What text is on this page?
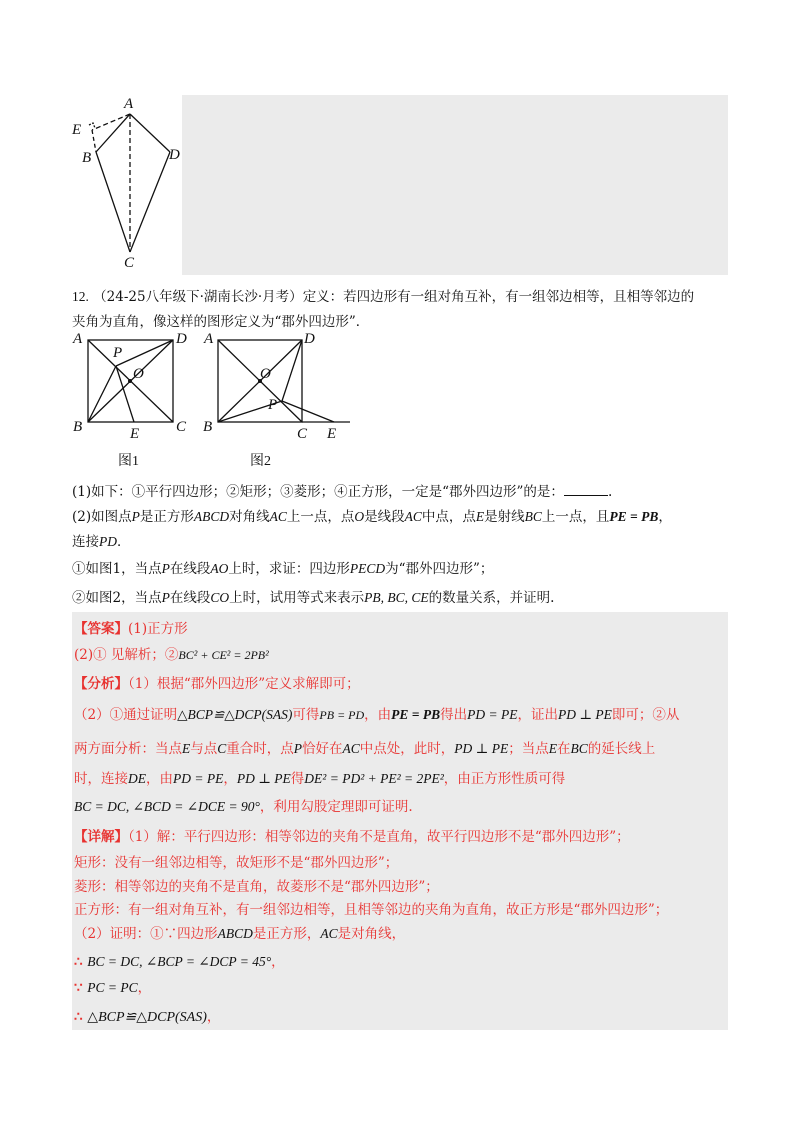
A
E
B	D
C
12. （24-25八年级下·湖南长沙·月考）定义：若四边形有一组对角互补，有一组邻边相等，且相等邻边的
夹角为直角，像这样的图形定义为“郡外四边形”．
A	D
P
O
B	E C
图1
A	D
O
P
B	C E
图2
(1)如下：①平行四边形；②矩形；③菱形；④正方形，一定是“郡外四边形”的是：	.
(2)如图点P是正方形ABCD对角线AC上一点，点O是线段AC中点，点E是射线BC上一点，且PE = PB，
连接PD．
①如图1，当点P在线段AO上时，求证：四边形PECD为“郡外四边形”；
②如图2，当点P在线段CO上时，试用等式来表示PB, BC, CE的数量关系，并证明.
【答案】(1)正方形
(2)① 见解析；②BC² + CE² = 2PB²
【分析】（1）根据“郡外四边形”定义求解即可；
（2）①通过证明△BCP≌△DCP(SAS)可得PB = PD，由PE = PB得出PD = PE，证出PD ⊥ PE即可；②从
两方面分析：当点E与点C重合时，点P恰好在AC中点处，此时，PD ⊥ PE；当点E在BC的延长线上
时，连接DE，由PD = PE，PD ⊥ PE得DE² = PD² + PE² = 2PE²，由正方形性质可得
BC = DC, ∠BCD = ∠DCE = 90°，利用勾股定理即可证明.
【详解】（1）解：平行四边形：相等邻边的夹角不是直角，故平行四边形不是“郡外四边形”；
矩形：没有一组邻边相等，故矩形不是“郡外四边形”；
菱形：相等邻边的夹角不是直角，故菱形不是“郡外四边形”；
正方形：有一组对角互补，有一组邻边相等，且相等邻边的夹角为直角，故正方形是“郡外四边形”；
（2）证明：①∵四边形ABCD是正方形，AC是对角线，
∴ BC = DC, ∠BCP = ∠DCP = 45°，
∵ PC = PC，
∴ △BCP≌△DCP(SAS)，
